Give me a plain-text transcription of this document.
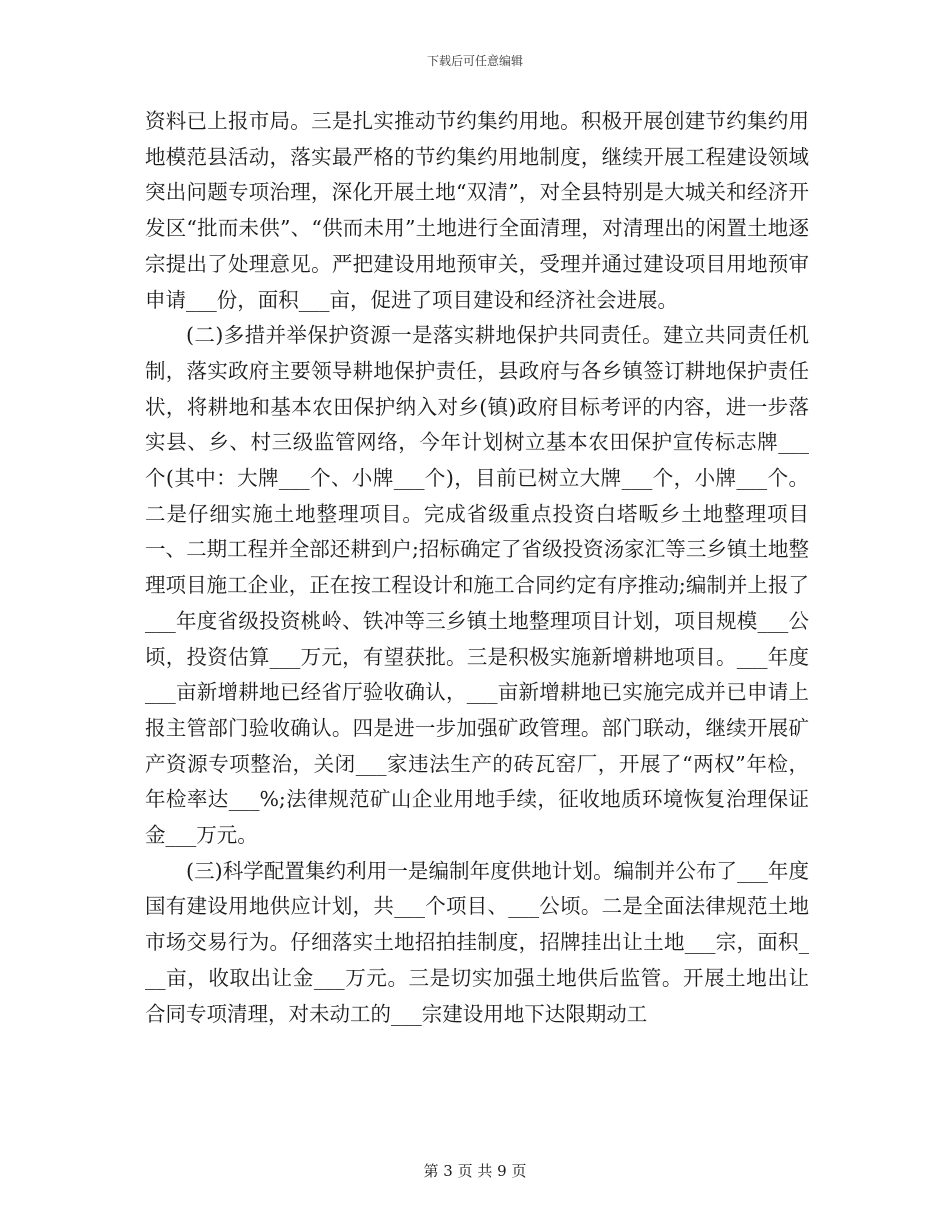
下载后可任意编辑

资料已上报市局。三是扎实推动节约集约用地。积极开展创建节约集约用地模范县活动，落实最严格的节约集约用地制度，继续开展工程建设领域突出问题专项治理，深化开展土地“双清”，对全县特别是大城关和经济开发区“批而未供”、“供而未用”土地进行全面清理，对清理出的闲置土地逐宗提出了处理意见。严把建设用地预审关，受理并通过建设项目用地预审申请___份，面积___亩，促进了项目建设和经济社会进展。

(二)多措并举保护资源一是落实耕地保护共同责任。建立共同责任机制，落实政府主要领导耕地保护责任，县政府与各乡镇签订耕地保护责任状，将耕地和基本农田保护纳入对乡(镇)政府目标考评的内容，进一步落实县、乡、村三级监管网络，今年计划树立基本农田保护宣传标志牌___个(其中：大牌___个、小牌___个)，目前已树立大牌___个，小牌___个。二是仔细实施土地整理项目。完成省级重点投资白塔畈乡土地整理项目一、二期工程并全部还耕到户;招标确定了省级投资汤家汇等三乡镇土地整理项目施工企业，正在按工程设计和施工合同约定有序推动;编制并上报了___年度省级投资桃岭、铁冲等三乡镇土地整理项目计划，项目规模___公顷，投资估算___万元，有望获批。三是积极实施新增耕地项目。___年度___亩新增耕地已经省厅验收确认，___亩新增耕地已实施完成并已申请上报主管部门验收确认。四是进一步加强矿政管理。部门联动，继续开展矿产资源专项整治，关闭___家违法生产的砖瓦窑厂，开展了“两权”年检，年检率达___%;法律规范矿山企业用地手续，征收地质环境恢复治理保证金___万元。

(三)科学配置集约利用一是编制年度供地计划。编制并公布了___年度国有建设用地供应计划，共___个项目、___公顷。二是全面法律规范土地市场交易行为。仔细落实土地招拍挂制度，招牌挂出让土地___宗，面积___亩，收取出让金___万元。三是切实加强土地供后监管。开展土地出让合同专项清理，对未动工的___宗建设用地下达限期动工

第 3 页 共 9 页
